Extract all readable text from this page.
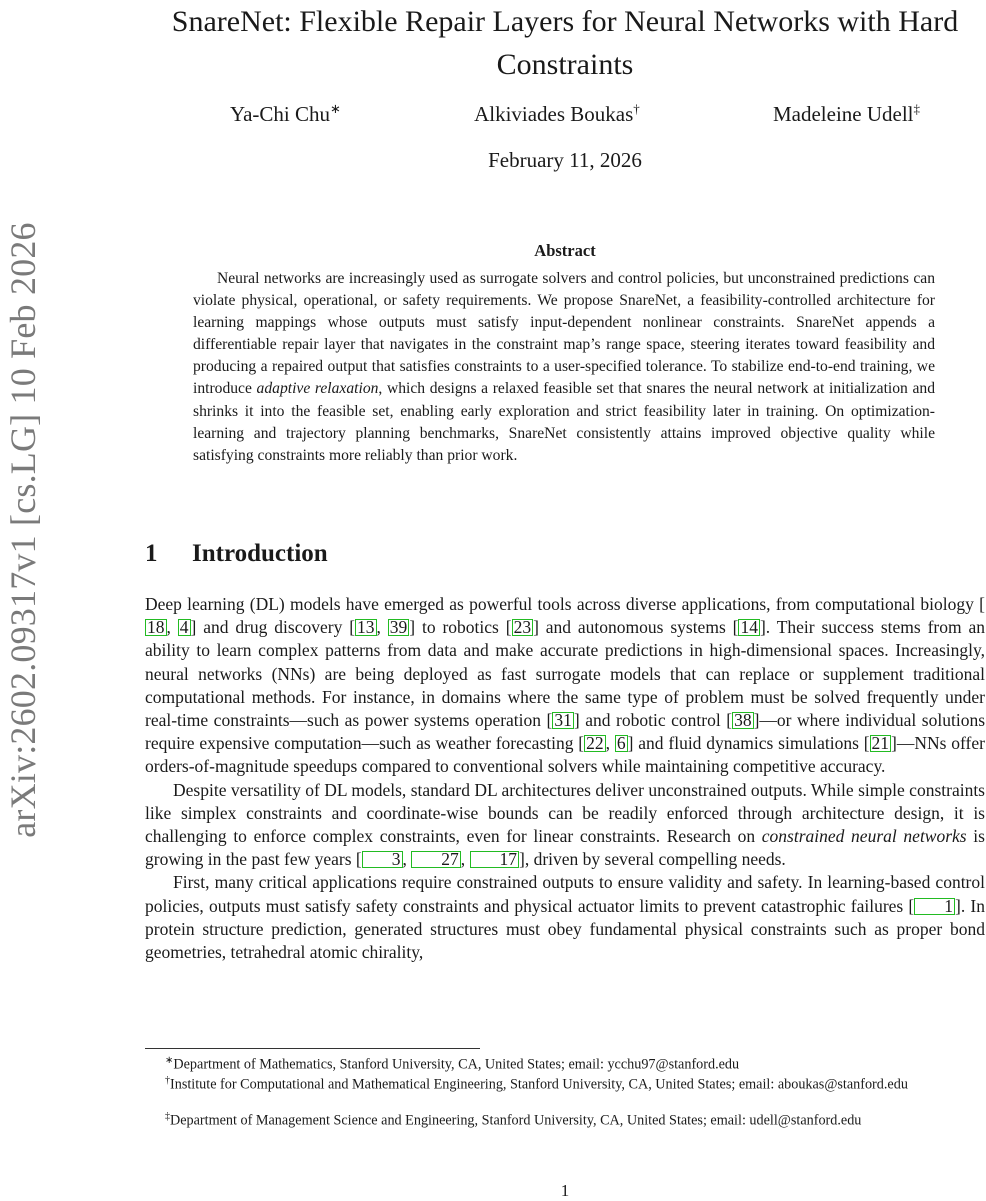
arXiv:2602.09317v1 [cs.LG] 10 Feb 2026
SnareNet: Flexible Repair Layers for Neural Networks with Hard Constraints
Ya-Chi Chu∗	Alkiviades Boukas†	Madeleine Udell‡
February 11, 2026
Abstract

Neural networks are increasingly used as surrogate solvers and control policies, but unconstrained predictions can violate physical, operational, or safety requirements. We propose SnareNet, a feasibility-controlled architecture for learning mappings whose outputs must satisfy input-dependent nonlinear constraints. SnareNet appends a differentiable repair layer that navigates in the constraint map’s range space, steering iterates toward feasibility and producing a repaired output that satisfies constraints to a user-specified tolerance. To stabilize end-to-end training, we introduce adaptive relaxation, which designs a relaxed feasible set that snares the neural network at initialization and shrinks it into the feasible set, enabling early exploration and strict feasibility later in training. On optimization-learning and trajectory planning benchmarks, SnareNet consistently attains improved objective quality while satisfying constraints more reliably than prior work.

1 Introduction

Deep learning (DL) models have emerged as powerful tools across diverse applications, from computational biology [18 , 4 ] and drug discovery [ 13 , 39 ] to robotics [ 23 ] and autonomous systems [ 14 ]. Their success stems from an ability to learn complex patterns from data and make accurate predictions in high-dimensional spaces. Increasingly, neural networks (NNs) are being deployed as fast surrogate models that can replace or supplement traditional computational methods. For instance, in domains where the same type of problem must be solved frequently under real-time constraints—such as power systems operation [ 31 ] and robotic control [ 38 ]—or where individual solutions require expensive computation—such as weather forecasting [ 22 , 6 ] and fluid dynamics simulations [ 21 ]—NNs offer orders-of-magnitude speedups compared to conventional solvers while maintaining competitive accuracy.

Despite versatility of DL models, standard DL architectures deliver unconstrained outputs. While simple constraints like simplex constraints and coordinate-wise bounds can be readily enforced through architecture design, it is challenging to enforce complex constraints, even for linear constraints. Research on constrained neural networks is growing in the past few years [ 3 , 27 , 17 ], driven by several compelling needs.

First, many critical applications require constrained outputs to ensure validity and safety. In learning-based control policies, outputs must satisfy safety constraints and physical actuator limits to prevent catastrophic failures [ 1 ]. In protein structure prediction, generated structures must obey fundamental physical constraints such as proper bond geometries, tetrahedral atomic chirality,

∗Department of Mathematics, Stanford University, CA, United States; email: ycchu97@stanford.edu

†Institute for Computational and Mathematical Engineering, Stanford University, CA, United States; email: aboukas@stanford.edu

‡Department of Management Science and Engineering, Stanford University, CA, United States; email: udell@stanford.edu

1
